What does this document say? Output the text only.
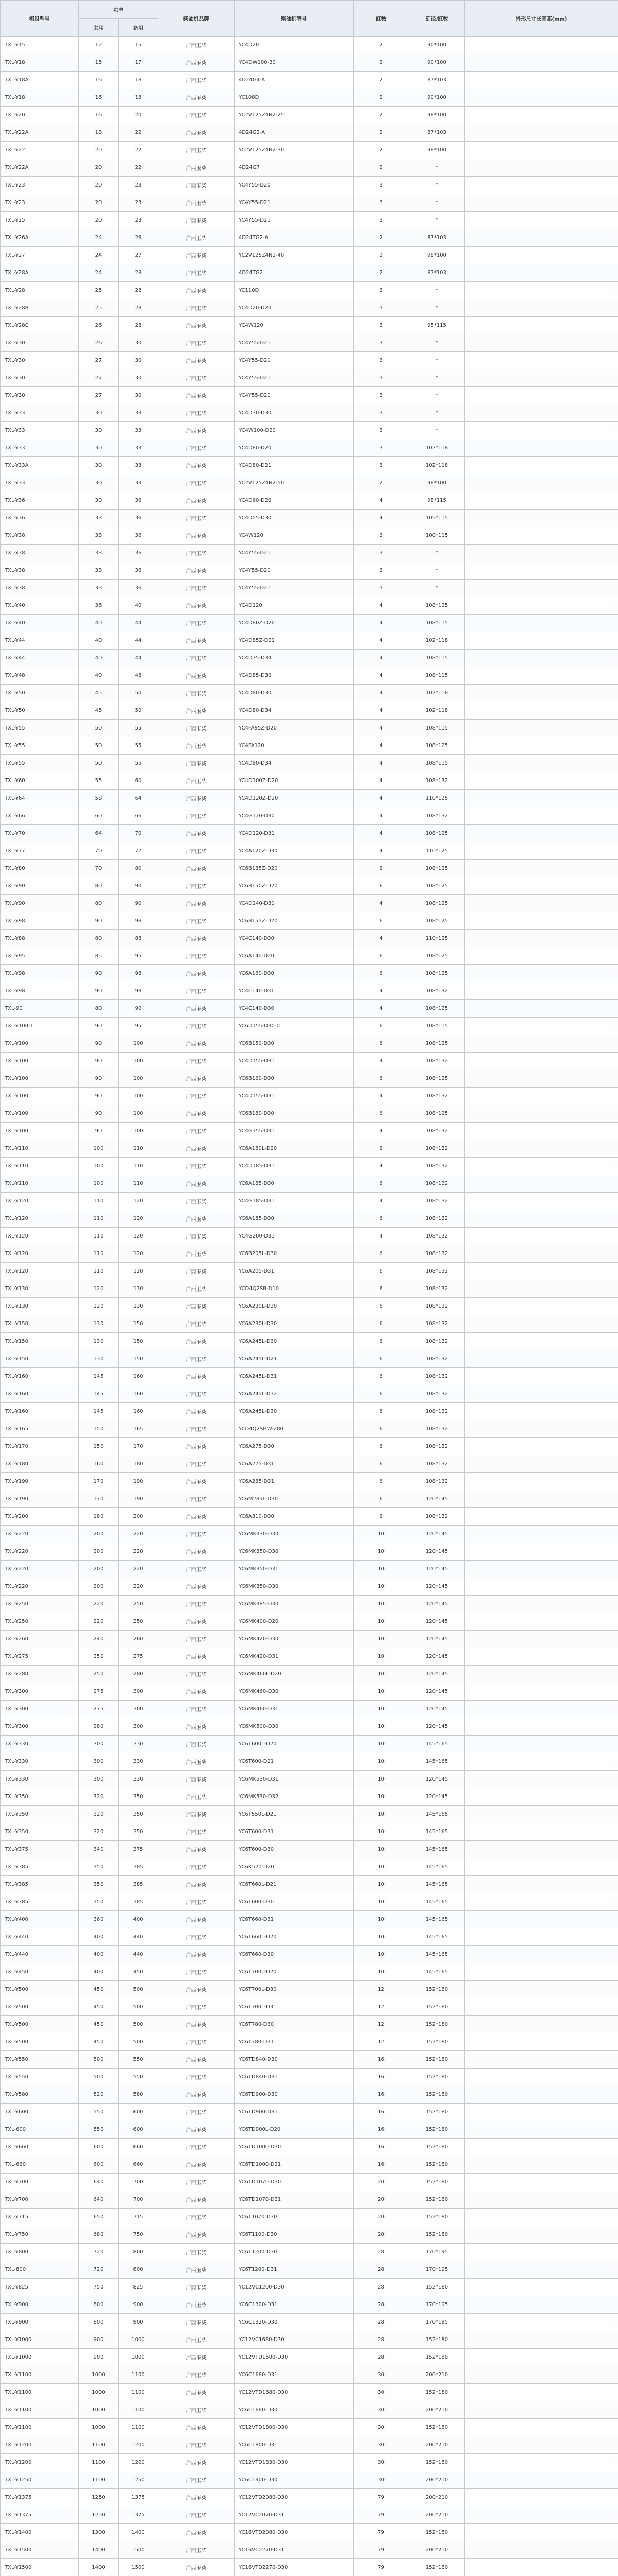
机组型号	功率		柴油机品牌	柴油机型号	缸数	缸径/缸数	外形尺寸长宽高(mm)
	主用	备用					
TXL-Y15	12	15	广西玉柴	YC4D20	2	90*100	
TXL-Y18	15	17	广西玉柴	YC4DW100-30	2	90*100	
TXL-Y18A	16	18	广西玉柴	4D24G4-A	2	87*103	
TXL-Y18	16	18	广西玉柴	YC108D	2	90*100	
TXL-Y20	16	20	广西玉柴	YC2V125Z4N2-25	2	98*100	
TXL-Y22A	18	22	广西玉柴	4D24G2-A	2	87*103	
TXL-Y22	20	22	广西玉柴	YC2V125Z4N2-30	2	98*100	
TXL-Y22A	20	22	广西玉柴	4D24G7	2	*	
TXL-Y23	20	23	广西玉柴	YC4Y55-D20	3	*	
TXL-Y23	20	23	广西玉柴	YC4Y55-D21	3	*	
TXL-Y25	20	23	广西玉柴	YC4Y55-D21	3	*	
TXL-Y26A	24	26	广西玉柴	4D24TG2-A	2	87*103	
TXL-Y27	24	27	广西玉柴	YC2V125Z4N2-40	2	98*100	
TXL-Y28A	24	28	广西玉柴	4D24TG2	2	87*103	
TXL-Y28	25	28	广西玉柴	YC110D	3	*	
TXL-Y28B	25	28	广西玉柴	YC4D20-D20	3	*	
TXL-Y28C	26	28	广西玉柴	YC4W120	3	95*115	
TXL-Y30	26	30	广西玉柴	YC4Y55-D21	3	*	
TXL-Y30	27	30	广西玉柴	YC4Y55-D21	3	*	
TXL-Y30	27	30	广西玉柴	YC4Y55-D21	3	*	
TXL-Y30	27	30	广西玉柴	YC4Y55-D20	3	*	
TXL-Y33	30	33	广西玉柴	YC4D30-D30	3	*	
TXL-Y33	30	33	广西玉柴	YC4W100-D20	3	*	
TXL-Y33	30	33	广西玉柴	YC4D80-D20	3	102*118	
TXL-Y33A	30	33	广西玉柴	YC4D80-D21	3	102*118	
TXL-Y33	30	33	广西玉柴	YC2V125Z4N2-50	2	98*100	
TXL-Y36	30	36	广西玉柴	YC4D60-D20	4	98*115	
TXL-Y36	33	36	广西玉柴	YC4D55-D30	4	105*115	
TXL-Y38	33	36	广西玉柴	YC4W120	3	100*115	
TXL-Y38	33	36	广西玉柴	YC4Y55-D21	3	*	
TXL-Y38	33	36	广西玉柴	YC4Y55-D20	3	*	
TXL-Y38	33	36	广西玉柴	YC4Y55-D21	3	*	
TXL-Y40	36	40	广西玉柴	YC4D120	4	108*125	
TXL-Y40	40	44	广西玉柴	YC4D80Z-D20	4	108*115	
TXL-Y44	40	44	广西玉柴	YC4D85Z-D21	4	102*118	
TXL-Y44	40	44	广西玉柴	YC4D75-D34	4	108*115	
TXL-Y48	40	48	广西玉柴	YC4D85-D30	4	108*115	
TXL-Y50	45	50	广西玉柴	YC4D80-D30	4	102*118	
TXL-Y50	45	50	广西玉柴	YC4D80-D34	4	102*118	
TXL-Y55	50	55	广西玉柴	YC4FA95Z-D20	4	108*115	
TXL-Y55	50	55	广西玉柴	YC4FA120	4	108*125	
TXL-Y55	50	55	广西玉柴	YC4D90-D34	4	108*115	
TXL-Y60	55	60	广西玉柴	YC4D100Z-D20	4	108*132	
TXL-Y64	58	64	广西玉柴	YC4D120Z-D20	4	110*125	
TXL-Y66	60	66	广西玉柴	YC4G120-D30	4	108*132	
TXL-Y70	64	70	广西玉柴	YC4D120-D31	4	108*125	
TXL-Y77	70	77	广西玉柴	YC4A120Z-D30	4	110*125	
TXL-Y80	70	80	广西玉柴	YC6B135Z-D20	6	108*125	
TXL-Y90	80	90	广西玉柴	YC6B150Z-D20	6	108*125	
TXL-Y90	80	90	广西玉柴	YC4D140-D31	4	108*125	
TXL-Y98	90	98	广西玉柴	YC6B155Z-D20	6	108*125	
TXL-Y88	80	88	广西玉柴	YC4C140-D30	4	110*125	
TXL-Y95	85	95	广西玉柴	YC6A140-D20	6	108*125	
TXL-Y98	90	98	广西玉柴	YC6A160-D30	6	108*125	
TXL-Y98	90	98	广西玉柴	YC4C140-D31	4	108*132	
TXL-90	80	90	广西玉柴	YC4C140-D30	4	108*125	
TXL-Y100-1	90	95	广西玉柴	YC6D155-D30-C	6	108*115	
TXL-Y100	90	100	广西玉柴	YC6B150-D30	6	108*125	
TXL-Y100	90	100	广西玉柴	YC4D155-D31	4	108*132	
TXL-Y100	90	100	广西玉柴	YC6B160-D30	6	108*125	
TXL-Y100	90	100	广西玉柴	YC4D155-D31	4	108*132	
TXL-Y100	90	100	广西玉柴	YC6B180-D30	6	108*125	
TXL-Y100	90	100	广西玉柴	YC4G155-D31	4	108*132	
TXL-Y110	100	110	广西玉柴	YC6A180L-D20	6	108*132	
TXL-Y110	100	110	广西玉柴	YC4D185-D31	4	108*132	
TXL-Y110	100	110	广西玉柴	YC6A185-D30	6	108*132	
TXL-Y120	110	120	广西玉柴	YC4G185-D31	4	108*132	
TXL-Y120	110	120	广西玉柴	YC6A185-D30	6	108*132	
TXL-Y120	110	120	广西玉柴	YC4G200-D31	4	108*132	
TXL-Y120	110	120	广西玉柴	YC6B205L-D30	6	108*132	
TXL-Y120	110	120	广西玉柴	YC6A205-D31	6	108*132	
TXL-Y130	120	130	广西玉柴	YCD4Q2SB-D10	6	108*132	
TXL-Y130	120	130	广西玉柴	YC6A230L-D30	6	108*132	
TXL-Y150	130	150	广西玉柴	YC6A230L-D30	6	108*132	
TXL-Y150	130	150	广西玉柴	YC6A245L-D30	6	108*132	
TXL-Y150	130	150	广西玉柴	YC6A245L-D21	6	108*132	
TXL-Y160	145	160	广西玉柴	YC6A245L-D31	6	108*132	
TXL-Y160	145	160	广西玉柴	YC6A245L-D32	6	108*132	
TXL-Y160	145	160	广西玉柴	YC6A245L-D30	6	108*132	
TXL-Y165	150	165	广西玉柴	YCD4Q2SHW-280	6	108*132	
TXL-Y170	150	170	广西玉柴	YC6A275-D30	6	108*132	
TXL-Y180	160	180	广西玉柴	YC6A275-D31	6	108*132	
TXL-Y190	170	190	广西玉柴	YC6A285-D31	6	108*132	
TXL-Y190	170	190	广西玉柴	YC6M285L-D30	6	120*145	
TXL-Y200	180	200	广西玉柴	YC6A310-D30	6	108*132	
TXL-Y220	200	220	广西玉柴	YC6MK330-D30	10	120*145	
TXL-Y220	200	220	广西玉柴	YC6MK350-D30	10	120*145	
TXL-Y220	200	220	广西玉柴	YC6MK350-D31	10	120*145	
TXL-Y220	200	220	广西玉柴	YC6MK350-D30	10	120*145	
TXL-Y250	220	250	广西玉柴	YC6MK385-D30	10	120*145	
TXL-Y250	220	250	广西玉柴	YC6MK400-D20	10	120*145	
TXL-Y260	240	260	广西玉柴	YC6MK420-D30	10	120*145	
TXL-Y275	250	275	广西玉柴	YC6MK420-D31	10	120*145	
TXL-Y280	250	280	广西玉柴	YC6MK460L-D20	10	120*145	
TXL-Y300	275	300	广西玉柴	YC6MK460-D30	10	120*145	
TXL-Y300	275	300	广西玉柴	YC6MK460-D31	10	120*145	
TXL-Y300	280	300	广西玉柴	YC6MK500-D30	10	120*145	
TXL-Y330	300	330	广西玉柴	YC6T600L-D20	10	145*165	
TXL-Y330	300	330	广西玉柴	YC6T600-D21	10	145*165	
TXL-Y330	300	330	广西玉柴	YC6MK530-D31	10	120*145	
TXL-Y350	320	350	广西玉柴	YC6MK530-D32	10	120*145	
TXL-Y350	320	350	广西玉柴	YC6T550L-D21	10	145*165	
TXL-Y350	320	350	广西玉柴	YC6T600-D31	10	145*165	
TXL-Y375	340	375	广西玉柴	YC6T600-D30	10	145*165	
TXL-Y385	350	385	广西玉柴	YC6K520-D20	10	145*165	
TXL-Y385	350	385	广西玉柴	YC6T660L-D21	10	145*165	
TXL-Y385	350	385	广西玉柴	YC6T600-D30	10	145*165	
TXL-Y400	360	400	广西玉柴	YC6T660-D31	10	145*165	
TXL-Y440	400	440	广西玉柴	YC6T660L-D20	10	145*165	
TXL-Y440	400	440	广西玉柴	YC6T660-D30	10	145*165	
TXL-Y450	400	450	广西玉柴	YC6T700L-D20	10	145*165	
TXL-Y500	450	500	广西玉柴	YC6T700L-D30	12	152*180	
TXL-Y500	450	500	广西玉柴	YC6T700L-D31	12	152*180	
TXL-Y500	450	500	广西玉柴	YC6T780-D30	12	152*180	
TXL-Y500	450	500	广西玉柴	YC6T780-D31	12	152*180	
TXL-Y550	500	550	广西玉柴	YC6TD840-D30	16	152*180	
TXL-Y550	500	550	广西玉柴	YC6TD840-D31	16	152*180	
TXL-Y580	520	580	广西玉柴	YC6TD900-D30	16	152*180	
TXL-Y600	550	600	广西玉柴	YC6TD900-D31	16	152*180	
TXL-600	550	600	广西玉柴	YC6TD900L-D20	16	152*180	
TXL-Y660	600	660	广西玉柴	YC6TD1000-D30	16	152*180	
TXL-660	600	660	广西玉柴	YC6TD1000-D31	16	152*180	
TXL-Y700	640	700	广西玉柴	YC6TD1070-D30	20	152*180	
TXL-Y700	640	700	广西玉柴	YC6TD1070-D31	20	152*180	
TXL-Y715	650	715	广西玉柴	YC6T1070-D30	20	152*180	
TXL-Y750	680	750	广西玉柴	YC6T1100-D30	20	152*180	
TXL-Y800	720	800	广西玉柴	YC6T1200-D30	28	170*195	
TXL-800	720	800	广西玉柴	YC6T1200-D31	28	170*195	
TXL-Y825	750	825	广西玉柴	YC12VC1200-D30	28	152*180	
TXL-Y900	800	900	广西玉柴	YC6C1320-D31	28	170*195	
TXL-Y900	800	900	广西玉柴	YC6C1320-D30	28	170*195	
TXL-Y1000	900	1000	广西玉柴	YC12VC1680-D30	28	152*180	
TXL-Y1000	900	1000	广西玉柴	YC12VTD1500-D30	28	152*180	
TXL-Y1100	1000	1100	广西玉柴	YC6C1680-D31	30	200*210	
TXL-Y1100	1000	1100	广西玉柴	YC12VTD1680-D30	30	152*180	
TXL-Y1100	1000	1100	广西玉柴	YC6C1680-D30	30	200*210	
TXL-Y1100	1000	1100	广西玉柴	YC12VTD1800-D30	30	152*180	
TXL-Y1200	1100	1200	广西玉柴	YC6C1800-D31	30	200*210	
TXL-Y1200	1100	1200	广西玉柴	YC12VTD1830-D30	30	152*180	
TXL-Y1250	1100	1250	广西玉柴	YC6C1900-D30	30	200*210	
TXL-Y1375	1250	1375	广西玉柴	YC12VTD2080-D30	79	200*210	
TXL-Y1375	1250	1375	广西玉柴	YC12VC2070-D31	79	200*210	
TXL-Y1400	1300	1400	广西玉柴	YC16VTD2080-D30	79	152*180	
TXL-Y1500	1400	1500	广西玉柴	YC16VC2270-D31	79	200*210	
TXL-Y1500	1400	1500	广西玉柴	YC16VTD2270-D30	79	152*180	
